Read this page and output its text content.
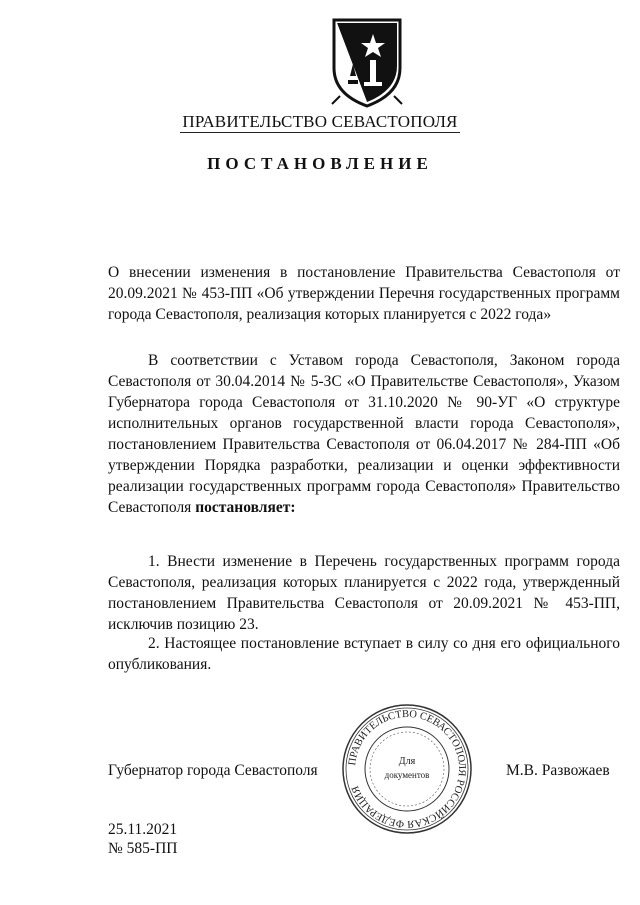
ПРАВИТЕЛЬСТВО СЕВАСТОПОЛЯ
ПОСТАНОВЛЕНИЕ
О внесении изменения в постановление Правительства Севастополя от 20.09.2021 № 453-ПП «Об утверждении Перечня государственных программ города Севастополя, реализация которых планируется с 2022 года»
В соответствии с Уставом города Севастополя, Законом города Севастополя от 30.04.2014 № 5-ЗС «О Правительстве Севастополя», Указом Губернатора города Севастополя от 31.10.2020 № 90-УГ «О структуре исполнительных органов государственной власти города Севастополя», постановлением Правительства Севастополя от 06.04.2017 № 284-ПП «Об утверждении Порядка разработки, реализации и оценки эффективности реализации государственных программ города Севастополя» Правительство Севастополя постановляет:
1. Внести изменение в Перечень государственных программ города Севастополя, реализация которых планируется с 2022 года, утвержденный постановлением Правительства Севастополя от 20.09.2021 № 453-ПП, исключив позицию 23.
2. Настоящее постановление вступает в силу со дня его официального опубликования.
ПРАВИТЕЛЬСТВО СЕВАСТОПОЛЯ РОССИЙСКАЯ ФЕДЕРАЦИЯ
Для
документов
Губернатор города Севастополя	М.В. Развожаев
25.11.2021
№ 585-ПП
